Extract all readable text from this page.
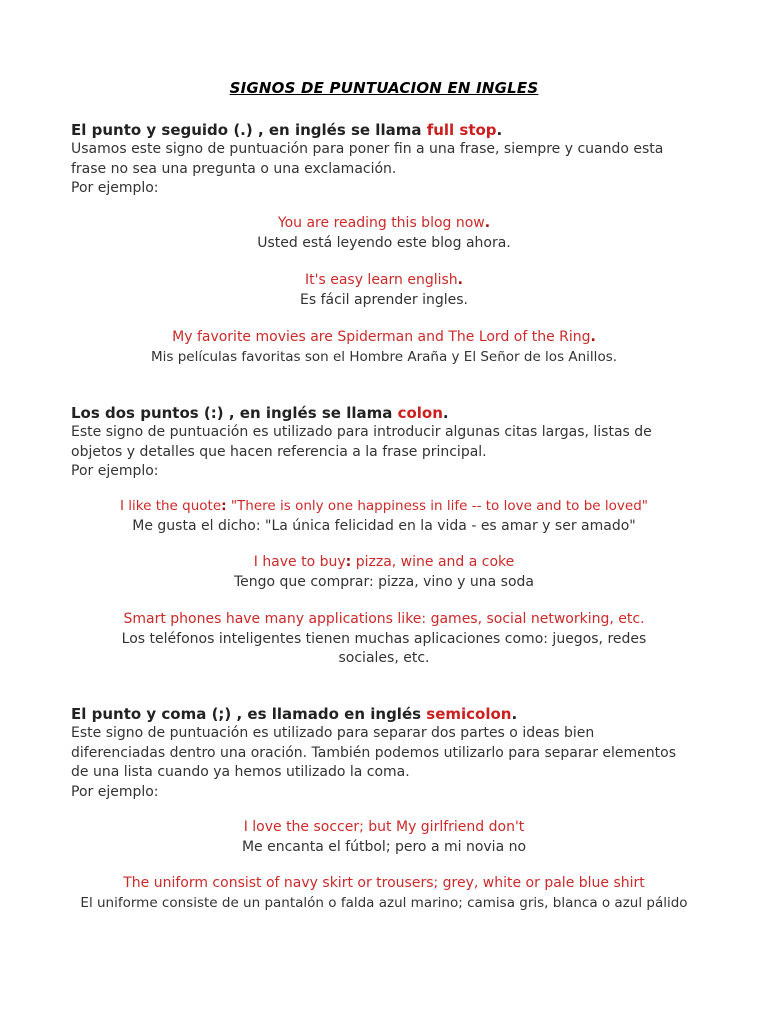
SIGNOS DE PUNTUACION EN INGLES
El punto y seguido (.) , en inglés se llama full stop.
Usamos este signo de puntuación para poner fin a una frase, siempre y cuando esta frase no sea una pregunta o una exclamación.
Por ejemplo:
You are reading this blog now.
Usted está leyendo este blog ahora.
It's easy learn english.
Es fácil aprender ingles.
My favorite movies are Spiderman and The Lord of the Ring.
Mis películas favoritas son el Hombre Araña y El Señor de los Anillos.
Los dos puntos (:) , en inglés se llama colon.
Este signo de puntuación es utilizado para introducir algunas citas largas, listas de objetos y detalles que hacen referencia a la frase principal.
Por ejemplo:
I like the quote: "There is only one happiness in life -- to love and to be loved"
Me gusta el dicho: "La única felicidad en la vida - es amar y ser amado"
I have to buy: pizza, wine and a coke
Tengo que comprar: pizza, vino y una soda
Smart phones have many applications like: games, social networking, etc.
Los teléfonos inteligentes tienen muchas aplicaciones como: juegos, redes sociales, etc.
El punto y coma (;) , es llamado en inglés semicolon.
Este signo de puntuación es utilizado para separar dos partes o ideas bien diferenciadas dentro una oración. También podemos utilizarlo para separar elementos de una lista cuando ya hemos utilizado la coma.
Por ejemplo:
I love the soccer; but My girlfriend don't
Me encanta el fútbol; pero a mi novia no
The uniform consist of navy skirt or trousers; grey, white or pale blue shirt
El uniforme consiste de un pantalón o falda azul marino; camisa gris, blanca o azul pálido
